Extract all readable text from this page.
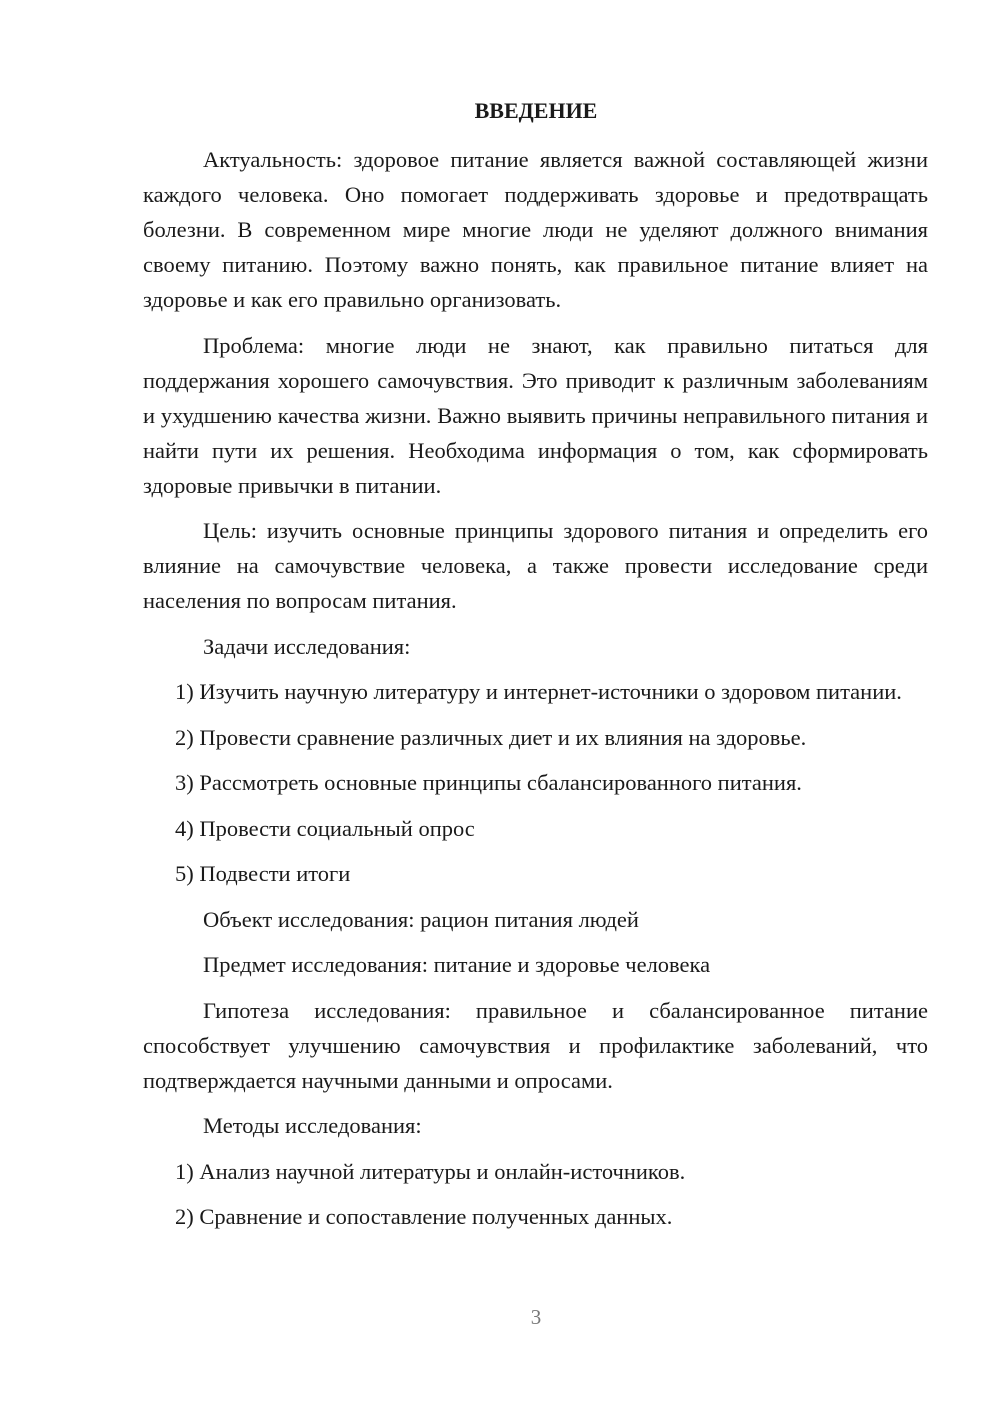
ВВЕДЕНИЕ

Актуальность: здоровое питание является важной составляющей жизни каждого человека. Оно помогает поддерживать здоровье и предотвращать болезни. В современном мире многие люди не уделяют должного внимания своему питанию. Поэтому важно понять, как правильное питание влияет на здоровье и как его правильно организовать.

Проблема: многие люди не знают, как правильно питаться для поддержания хорошего самочувствия. Это приводит к различным заболеваниям и ухудшению качества жизни. Важно выявить причины неправильного питания и найти пути их решения. Необходима информация о том, как сформировать здоровые привычки в питании.

Цель: изучить основные принципы здорового питания и определить его влияние на самочувствие человека, а также провести исследование среди населения по вопросам питания.

Задачи исследования:

1) Изучить научную литературу и интернет-источники о здоровом питании.

2) Провести сравнение различных диет и их влияния на здоровье.

3) Рассмотреть основные принципы сбалансированного питания.

4) Провести социальный опрос

5) Подвести итоги

Объект исследования: рацион питания людей

Предмет исследования: питание и здоровье человека

Гипотеза исследования: правильное и сбалансированное питание способствует улучшению самочувствия и профилактике заболеваний, что подтверждается научными данными и опросами.

Методы исследования:

1) Анализ научной литературы и онлайн-источников.

2) Сравнение и сопоставление полученных данных.

3
